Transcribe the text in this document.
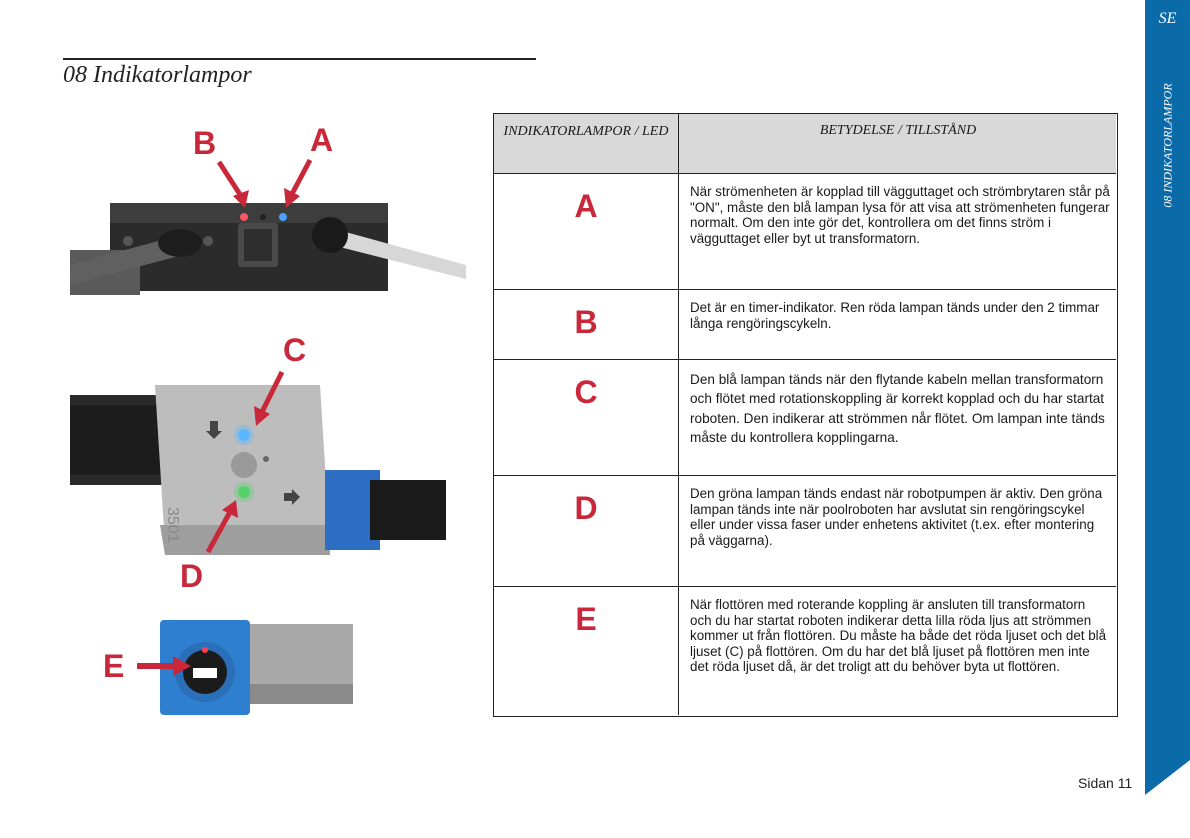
08 Indikatorlampor
SE
08 INDIKATORLAMPOR
Sidan 11
B	A
3501
C
D
E
INDIKATORLAMPOR / LED	BETYDELSE / TILLSTÅND
A	När strömenheten är kopplad till vägguttaget och strömbrytaren står på "ON", måste den blå lampan lysa för att visa att strömenheten fungerar normalt. Om den inte gör det, kontrollera om det finns ström i vägguttaget eller byt ut transformatorn.
B	Det är en timer-indikator. Ren röda lampan tänds under den 2 timmar långa rengöringscykeln.
C	Den blå lampan tänds när den flytande kabeln mellan transformatorn och flötet med rotationskoppling är korrekt kopplad och du har startat roboten. Den indikerar att strömmen når flötet. Om lampan inte tänds måste du kontrollera kopplingarna.
D	Den gröna lampan tänds endast när robotpumpen är aktiv. Den gröna lampan tänds inte när poolroboten har avslutat sin rengöringscykel eller under vissa faser under enhetens aktivitet (t.ex. efter montering på väggarna).
E	När flottören med roterande koppling är ansluten till transformatorn och du har startat roboten indikerar detta lilla röda ljus att strömmen kommer ut från flottören. Du måste ha både det röda ljuset och det blå ljuset (C) på flottören. Om du har det blå ljuset på flottören men inte det röda ljuset då, är det troligt att du behöver byta ut flottören.
